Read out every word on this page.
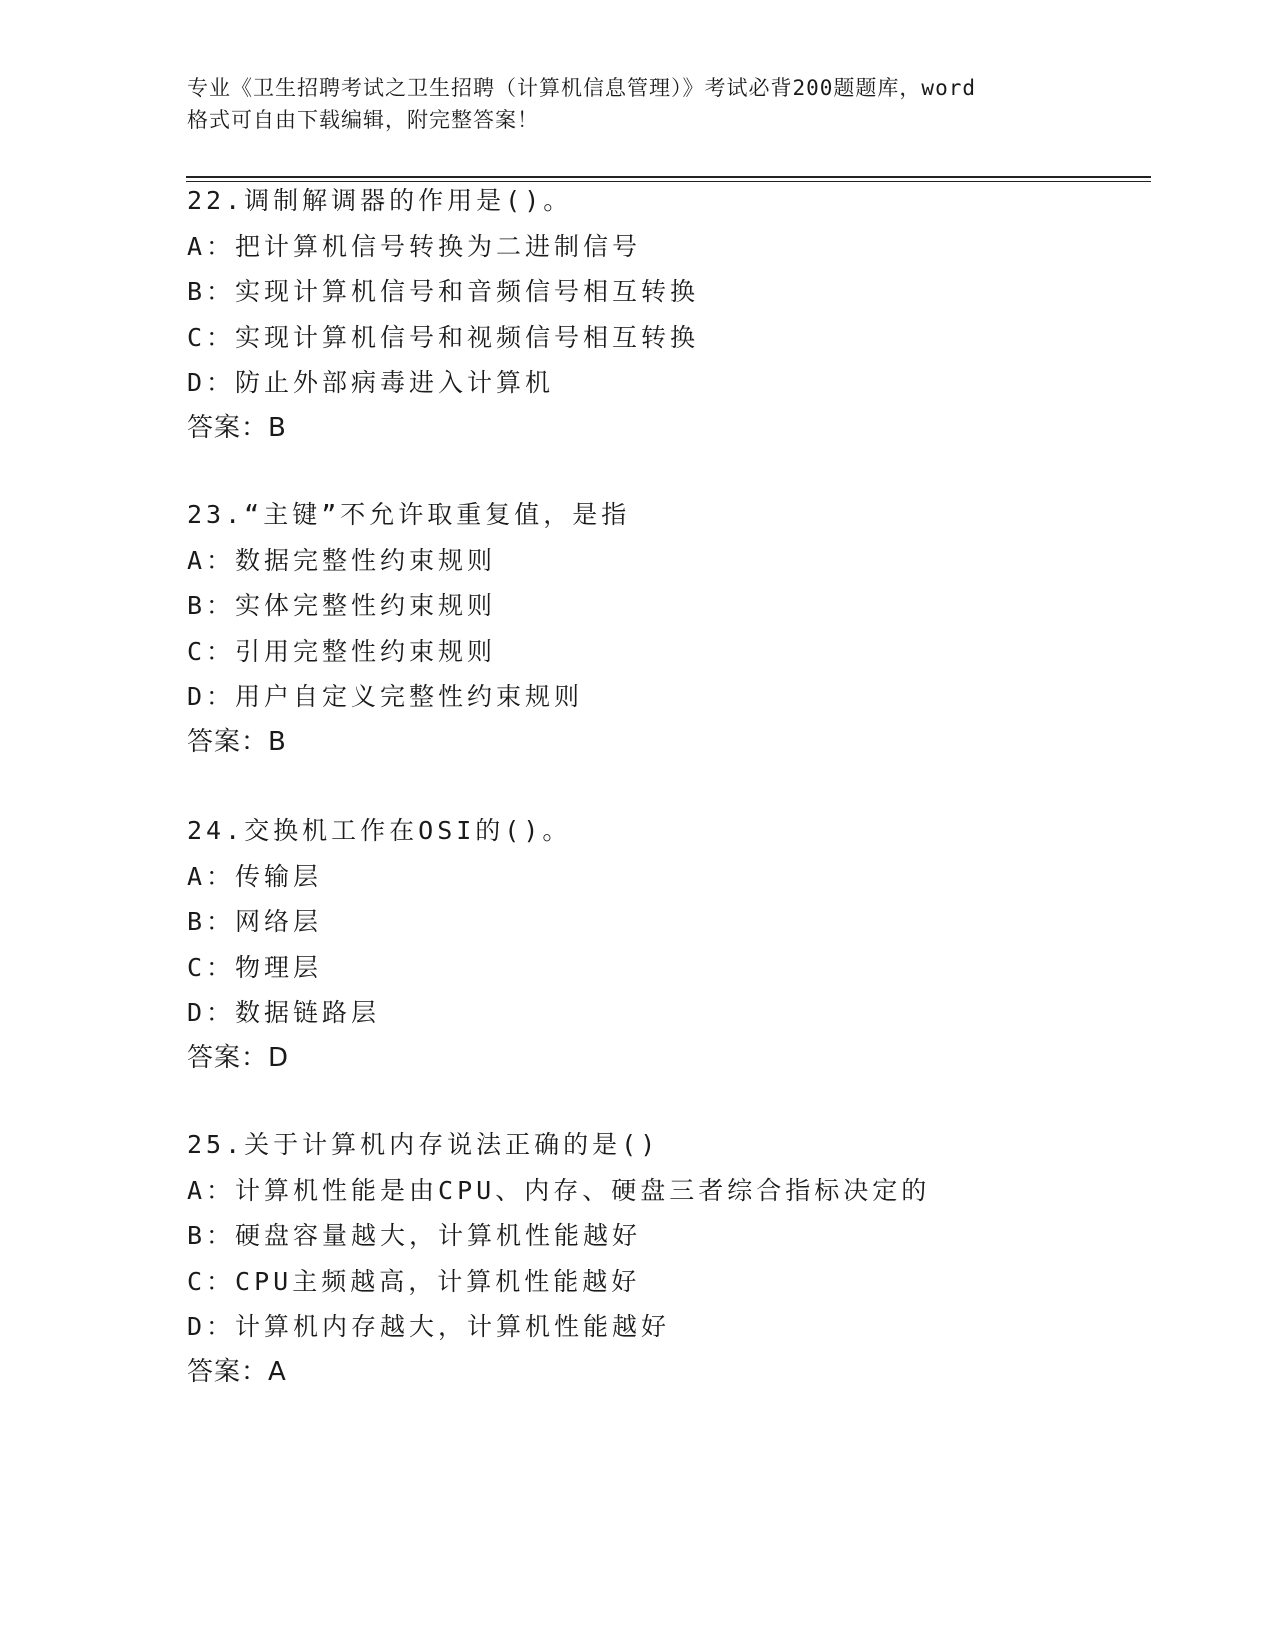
专业《卫生招聘考试之卫生招聘（计算机信息管理）》考试必背200题题库，word
格式可自由下载编辑，附完整答案！
22.调制解调器的作用是()。
A：把计算机信号转换为二进制信号
B：实现计算机信号和音频信号相互转换
C：实现计算机信号和视频信号相互转换
D：防止外部病毒进入计算机
答案：B
23.“主键”不允许取重复值，是指
A：数据完整性约束规则
B：实体完整性约束规则
C：引用完整性约束规则
D：用户自定义完整性约束规则
答案：B
24.交换机工作在OSI的()。
A：传输层
B：网络层
C：物理层
D：数据链路层
答案：D
25.关于计算机内存说法正确的是()
A：计算机性能是由CPU、内存、硬盘三者综合指标决定的
B：硬盘容量越大，计算机性能越好
C：CPU主频越高，计算机性能越好
D：计算机内存越大，计算机性能越好
答案：A
